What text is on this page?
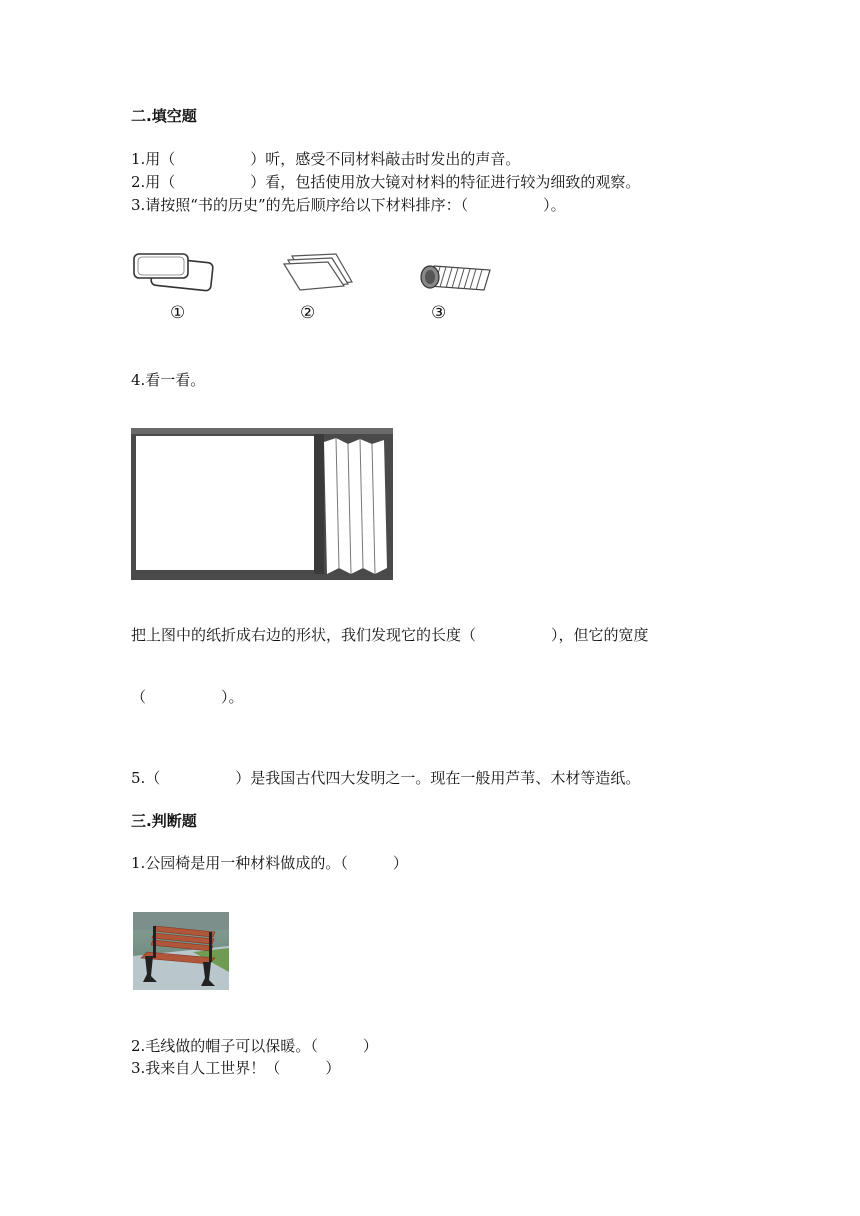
二.填空题
1.用（　　　　　）听，感受不同材料敲击时发出的声音。
2.用（　　　　　）看，包括使用放大镜对材料的特征进行较为细致的观察。
3.请按照“书的历史”的先后顺序给以下材料排序：（　　　　　）。
①	②	③
4.看一看。
把上图中的纸折成右边的形状，我们发现它的长度（　　　　　），但它的宽度
（　　　　　）。
5.（　　　　　）是我国古代四大发明之一。现在一般用芦苇、木材等造纸。
三.判断题
1.公园椅是用一种材料做成的。（　　　）
2.毛线做的帽子可以保暖。（　　　）
3.我来自人工世界！（　　　）
